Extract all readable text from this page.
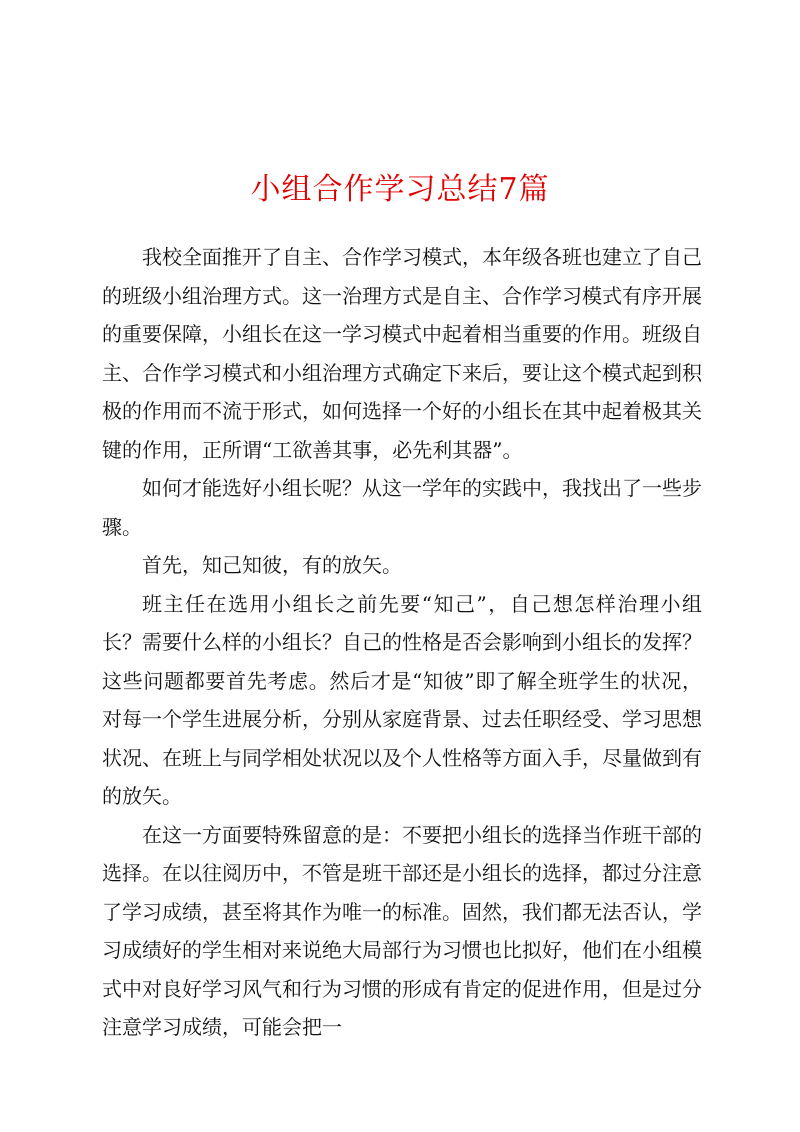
小组合作学习总结7篇

我校全面推开了自主、合作学习模式，本年级各班也建立了自己的班级小组治理方式。这一治理方式是自主、合作学习模式有序开展的重要保障，小组长在这一学习模式中起着相当重要的作用。班级自主、合作学习模式和小组治理方式确定下来后，要让这个模式起到积极的作用而不流于形式，如何选择一个好的小组长在其中起着极其关键的作用，正所谓“工欲善其事，必先利其器”。

如何才能选好小组长呢？从这一学年的实践中，我找出了一些步骤。

首先，知己知彼，有的放矢。

班主任在选用小组长之前先要“知己”，自己想怎样治理小组长？需要什么样的小组长？自己的性格是否会影响到小组长的发挥？这些问题都要首先考虑。然后才是“知彼”即了解全班学生的状况，对每一个学生进展分析，分别从家庭背景、过去任职经受、学习思想状况、在班上与同学相处状况以及个人性格等方面入手，尽量做到有的放矢。

在这一方面要特殊留意的是：不要把小组长的选择当作班干部的选择。在以往阅历中，不管是班干部还是小组长的选择，都过分注意了学习成绩，甚至将其作为唯一的标准。固然，我们都无法否认，学习成绩好的学生相对来说绝大局部行为习惯也比拟好，他们在小组模式中对良好学习风气和行为习惯的形成有肯定的促进作用，但是过分注意学习成绩，可能会把一
